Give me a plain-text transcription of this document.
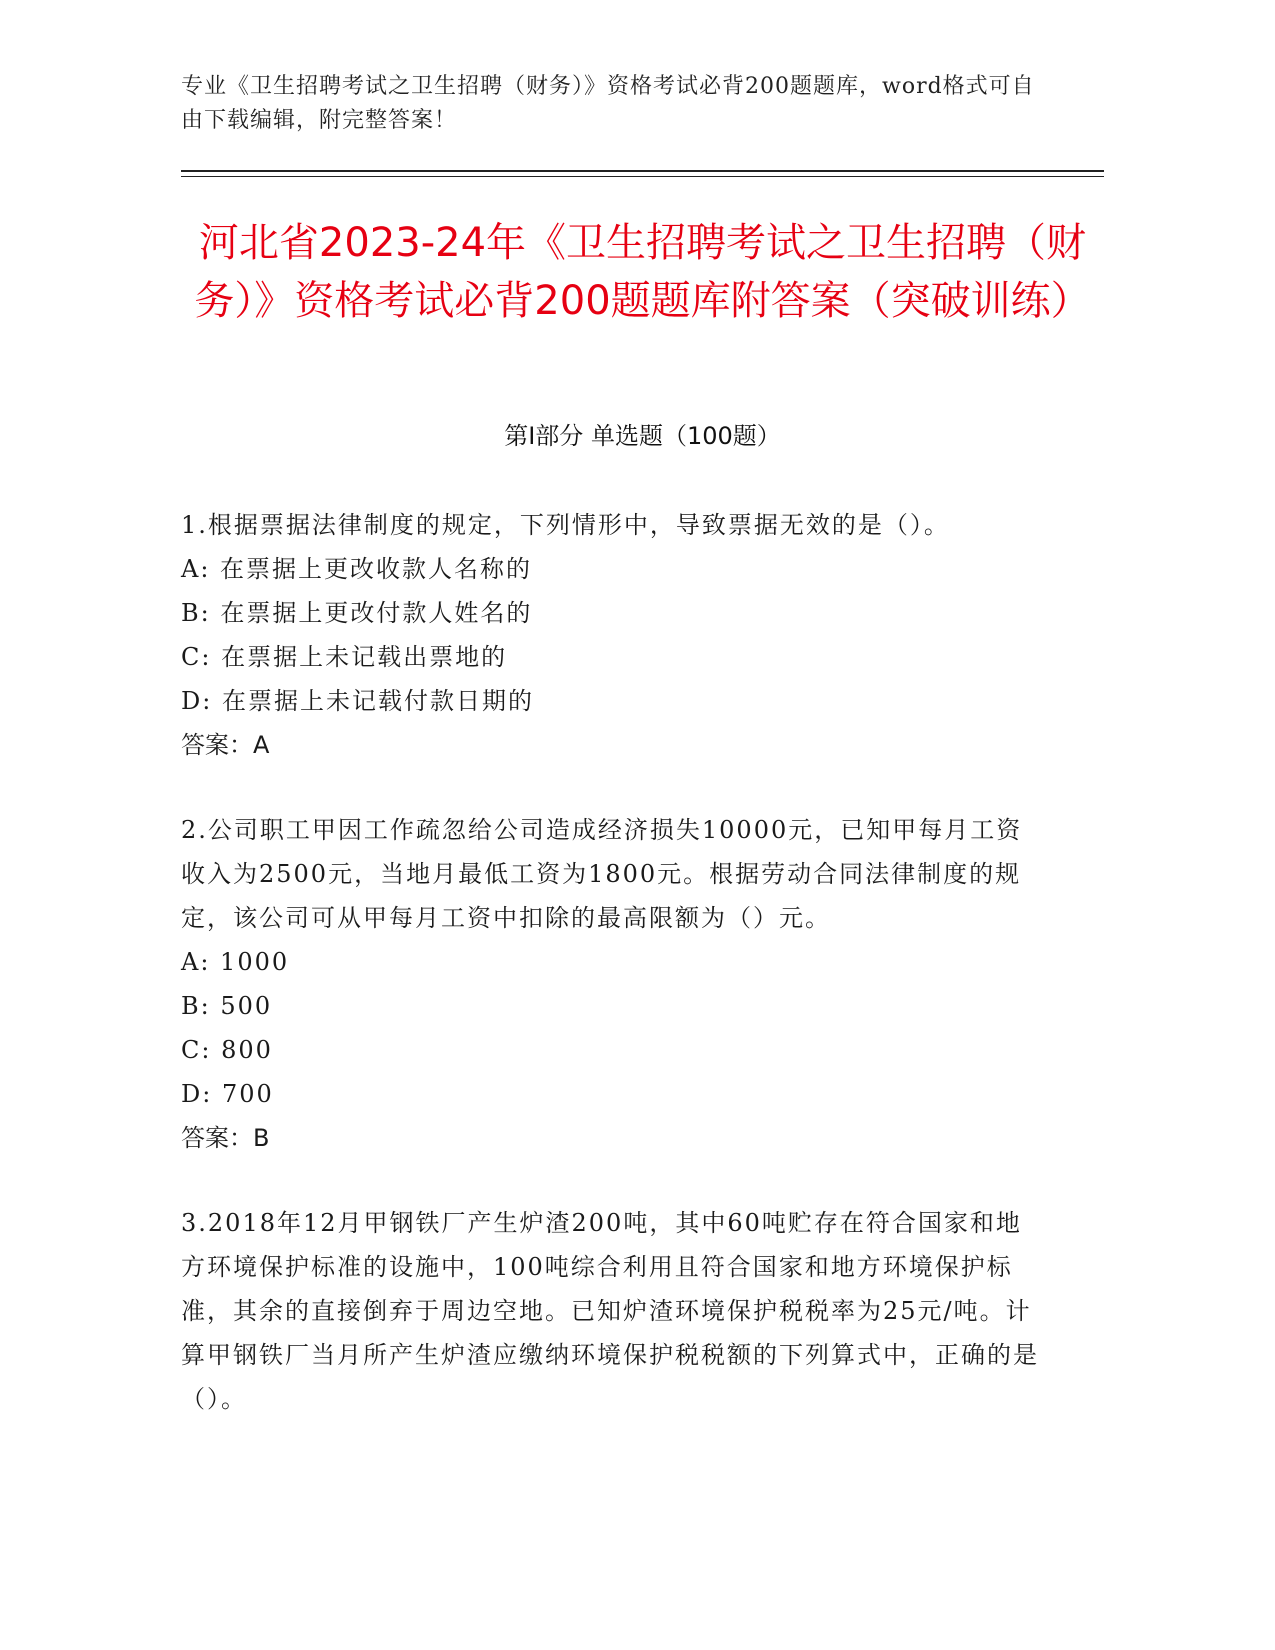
专业《卫生招聘考试之卫生招聘（财务）》资格考试必背200题题库，word格式可自由下载编辑，附完整答案！
河北省2023-24年《卫生招聘考试之卫生招聘（财务）》资格考试必背200题题库附答案（突破训练）
第I部分 单选题（100题）

1.根据票据法律制度的规定，下列情形中，导致票据无效的是（）。

A: 在票据上更改收款人名称的

B: 在票据上更改付款人姓名的

C: 在票据上未记载出票地的

D: 在票据上未记载付款日期的

答案：A

2.公司职工甲因工作疏忽给公司造成经济损失10000元，已知甲每月工资收入为2500元，当地月最低工资为1800元。根据劳动合同法律制度的规定，该公司可从甲每月工资中扣除的最高限额为（）元。

A: 1000

B: 500

C: 800

D: 700

答案：B

3.2018年12月甲钢铁厂产生炉渣200吨，其中60吨贮存在符合国家和地方环境保护标准的设施中，100吨综合利用且符合国家和地方环境保护标准，其余的直接倒弃于周边空地。已知炉渣环境保护税税率为25元/吨。计算甲钢铁厂当月所产生炉渣应缴纳环境保护税税额的下列算式中，正确的是（）。
